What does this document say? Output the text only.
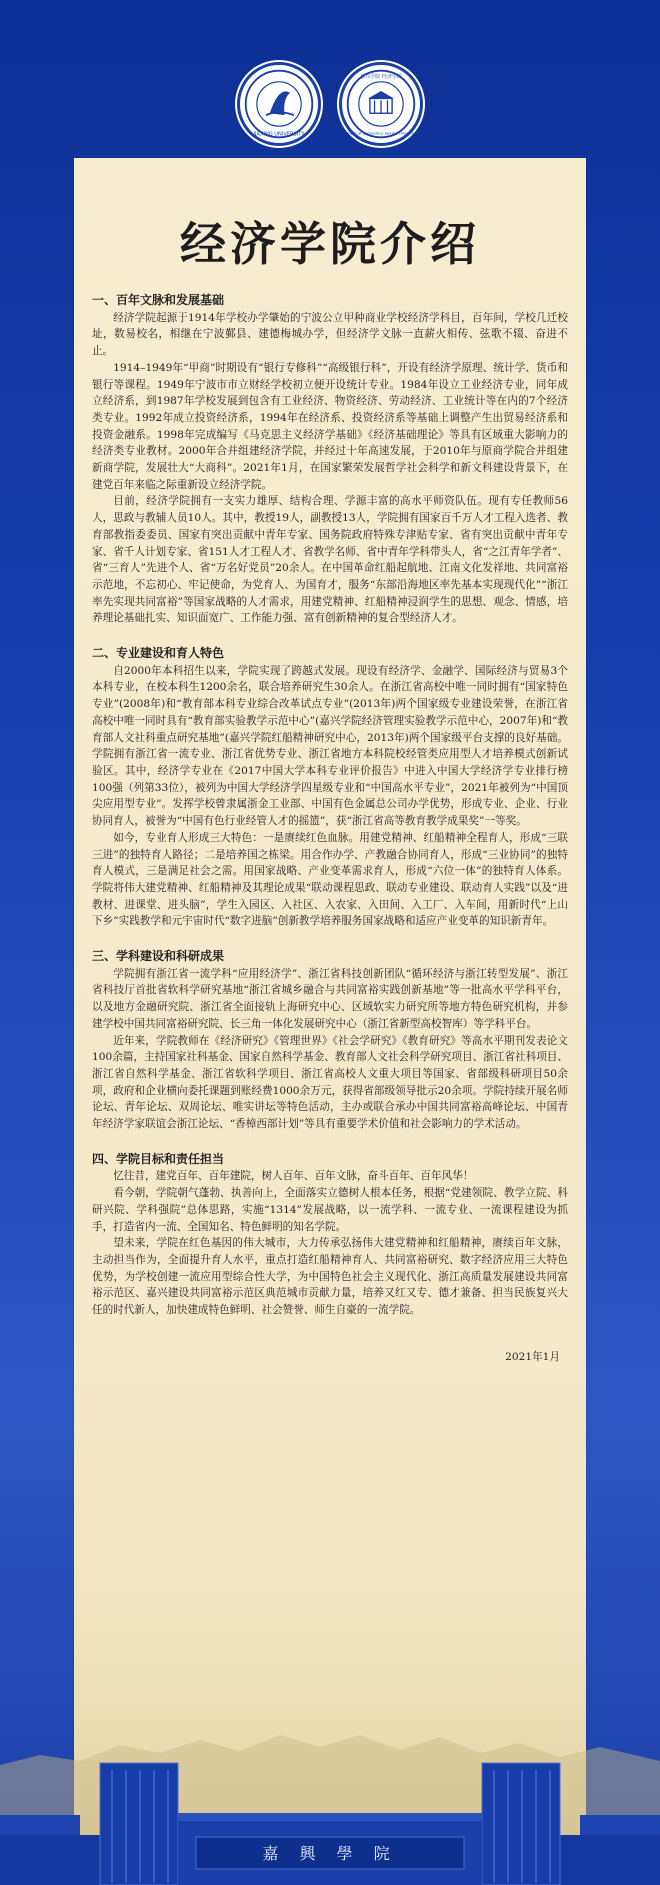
JIAXING UNIVERSITY
嘉兴学院 经济学院
School of Economics Jiaxing University
经济学院介绍
一、百年文脉和发展基础

经济学院起源于1914年学校办学肇始的宁波公立甲种商业学校经济学科目，百年间，学校几迁校址，数易校名，相继在宁波鄞县、建德梅城办学，但经济学文脉一直薪火相传、弦歌不辍、奋进不止。

1914–1949年“甲商”时期设有“银行专修科”“高级银行科”，开设有经济学原理、统计学、货币和银行等课程。1949年宁波市市立财经学校初立便开设统计专业。1984年设立工业经济专业，同年成立经济系，到1987年学校发展到包含有工业经济、物资经济、劳动经济、工业统计等在内的7个经济类专业。1992年成立投资经济系，1994年在经济系、投资经济系等基础上调整产生出贸易经济系和投资金融系。1998年完成编写《马克思主义经济学基础》《经济基础理论》等具有区域重大影响力的经济类专业教材。2000年合并组建经济学院，并经过十年高速发展，于2010年与原商学院合并组建新商学院，发展壮大“大商科”。2021年1月，在国家繁荣发展哲学社会科学和新文科建设背景下，在建党百年来临之际重新设立经济学院。

目前，经济学院拥有一支实力雄厚、结构合理、学源丰富的高水平师资队伍。现有专任教师56人，思政与教辅人员10人。其中，教授19人，副教授13人，学院拥有国家百千万人才工程入选者、教育部教指委委员、国家有突出贡献中青年专家、国务院政府特殊专津贴专家、省有突出贡献中青年专家、省千人计划专家、省151人才工程人才、省教学名师、省中青年学科带头人，省“之江青年学者”、省“三育人”先进个人、省“万名好党员”20余人。在中国革命红船起航地、江南文化发祥地、共同富裕示范地，不忘初心、牢记使命，为党育人、为国育才，服务“东部沿海地区率先基本实现现代化”“浙江率先实现共同富裕”等国家战略的人才需求，用建党精神、红船精神浸润学生的思想、观念、情感，培养理论基础扎实、知识面宽广、工作能力强、富有创新精神的复合型经济人才。

二、专业建设和育人特色

自2000年本科招生以来，学院实现了跨越式发展。现设有经济学、金融学、国际经济与贸易3个本科专业，在校本科生1200余名，联合培养研究生30余人。在浙江省高校中唯一同时拥有“国家特色专业”(2008年)和“教育部本科专业综合改革试点专业”(2013年)两个国家级专业建设荣誉，在浙江省高校中唯一同时具有“教育部实验教学示范中心”(嘉兴学院经济管理实验教学示范中心，2007年)和“教育部人文社科重点研究基地”(嘉兴学院红船精神研究中心，2013年)两个国家级平台支撑的良好基础。学院拥有浙江省一流专业、浙江省优势专业、浙江省地方本科院校经管类应用型人才培养模式创新试验区。其中，经济学专业在《2017中国大学本科专业评价报告》中进入中国大学经济学专业排行榜100强（列第33位），被列为中国大学经济学四星级专业和“中国高水平专业”，2021年被列为“中国顶尖应用型专业”。发挥学校曾隶属浙金工业部、中国有色金属总公司办学优势，形成专业、企业、行业协同育人，被誉为“中国有色行业经管人才的摇篮”，获“浙江省高等教育教学成果奖”一等奖。

如今，专业育人形成三大特色：一是赓续红色血脉。用建党精神、红船精神全程育人，形成“三联三进”的独特育人路径；二是培养国之栋梁。用合作办学、产教融合协同育人，形成“三业协同”的独特育人模式，三是满足社会之需。用国家战略、产业变革需求育人，形成“六位一体”的独特育人体系。学院将伟大建党精神、红船精神及其理论成果“联动课程思政、联动专业建设、联动育人实践”以及“进教材、进课堂、进头脑”，学生入园区、入社区、入农家、入田间、入工厂、入车间，用新时代“上山下乡”实践教学和元宇宙时代“数字进脑”创新教学培养服务国家战略和适应产业变革的知识新青年。

三、学科建设和科研成果

学院拥有浙江省一流学科“应用经济学”、浙江省科技创新团队“循环经济与浙江转型发展”、浙江省科技厅首批省软科学研究基地“浙江省城乡融合与共同富裕实践创新基地”等一批高水平学科平台，以及地方金融研究院、浙江省全面接轨上海研究中心、区域软实力研究所等地方特色研究机构，并参建学校中国共同富裕研究院、长三角一体化发展研究中心（浙江省新型高校智库）等学科平台。

近年来，学院教师在《经济研究》《管理世界》《社会学研究》《教育研究》等高水平期刊发表论文100余篇，主持国家社科基金、国家自然科学基金、教育部人文社会科学研究项目、浙江省社科项目、浙江省自然科学基金、浙江省软科学项目、浙江省高校人文重大项目等国家、省部级科研项目50余项，政府和企业横向委托课题到账经费1000余万元，获得省部级领导批示20余项。学院持续开展名师论坛、青年论坛、双周论坛、唯实讲坛等特色活动，主办或联合承办中国共同富裕高峰论坛、中国青年经济学家联谊会浙江论坛、“香樟西部计划”等具有重要学术价值和社会影响力的学术活动。

四、学院目标和责任担当

忆往昔，建党百年、百年建院，树人百年、百年文脉，奋斗百年、百年风华！

看今朝，学院朝气蓬勃、执善向上，全面落实立德树人根本任务，根据“党建领院、教学立院、科研兴院、学科强院”总体思路，实施“1314”发展战略，以一流学科、一流专业、一流课程建设为抓手，打造省内一流、全国知名、特色鲜明的知名学院。

望未来，学院在红色基因的伟大城市，大力传承弘扬伟大建党精神和红船精神，赓续百年文脉，主动担当作为，全面提升育人水平，重点打造红船精神育人、共同富裕研究、数字经济应用三大特色优势，为学校创建一流应用型综合性大学，为中国特色社会主义现代化、浙江高质量发展建设共同富裕示范区、嘉兴建设共同富裕示范区典范城市贡献力量，培养又红又专、德才兼备、担当民族复兴大任的时代新人，加快建成特色鲜明、社会赞誉、师生自豪的一流学院。

2021年1月
嘉 興 學 院
